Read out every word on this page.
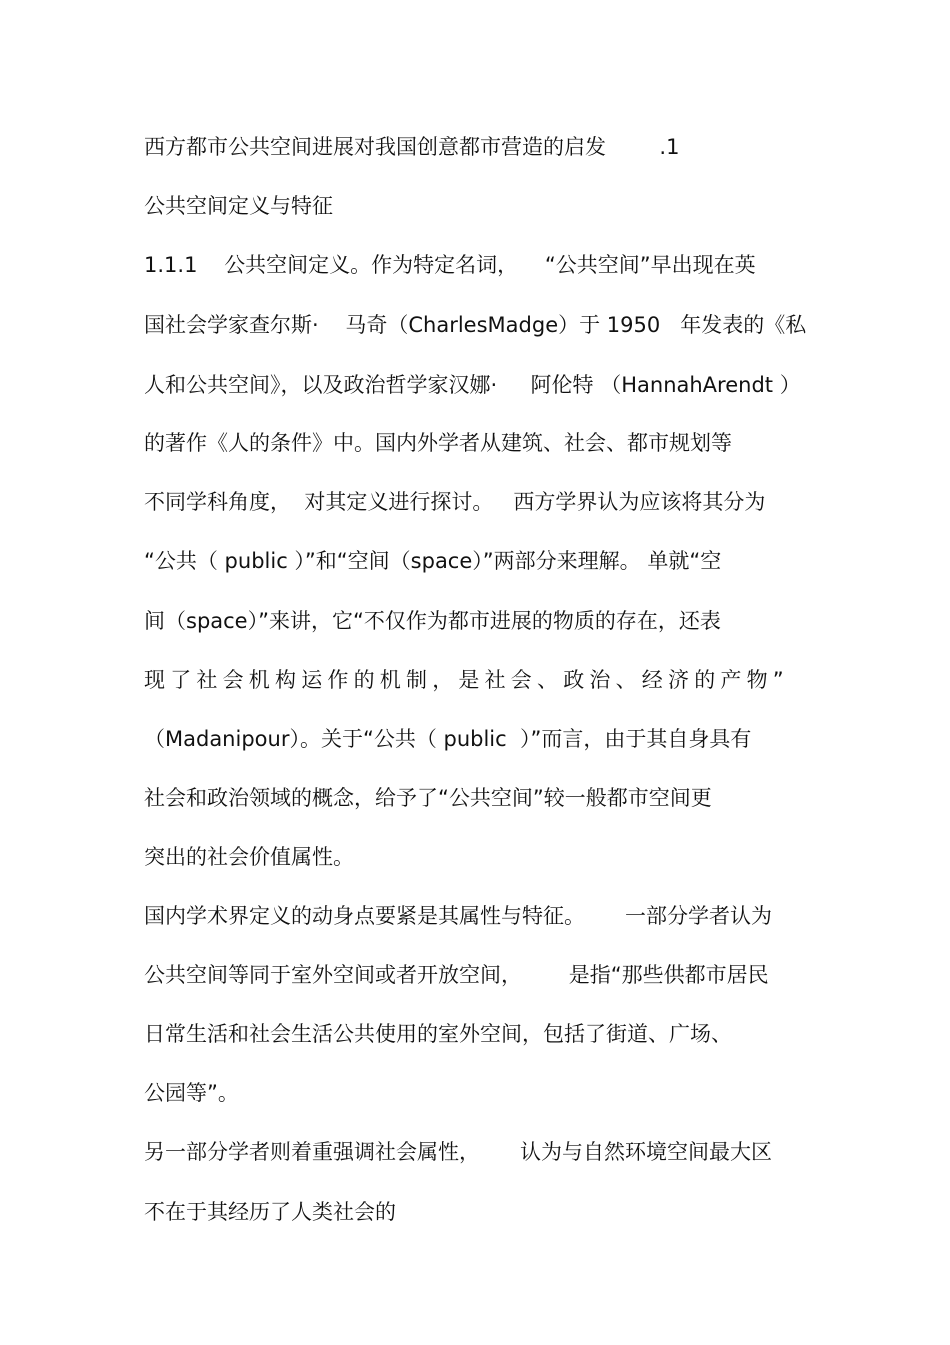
西方都市公共空间进展对我国创意都市营造的启发        .1

公共空间定义与特征

1.1.1    公共空间定义。作为特定名词，    “公共空间”早出现在英

国社会学家查尔斯·    马奇（CharlesMadge）于 1950   年发表的《私

人和公共空间》，以及政治哲学家汉娜·     阿伦特 （HannahArendt ）

的著作《人的条件》中。国内外学者从建筑、社会、都市规划等

不同学科角度，  对其定义进行探讨。   西方学界认为应该将其分为

“公共（ public ）”和“空间（space）”两部分来理解。 单就“空

间（space）”来讲，它“不仅作为都市进展的物质的存在，还表

现了社会机构运作的机制，是社会、政治、经济的产物”

（Madanipour）。关于“公共（ public  ）”而言，由于其自身具有

社会和政治领域的概念，给予了“公共空间”较一般都市空间更

突出的社会价值属性。

国内学术界定义的动身点要紧是其属性与特征。      一部分学者认为

公共空间等同于室外空间或者开放空间，       是指“那些供都市居民

日常生活和社会生活公共使用的室外空间，包括了街道、广场、

公园等”。

另一部分学者则着重强调社会属性，      认为与自然环境空间最大区

不在于其经历了人类社会的
